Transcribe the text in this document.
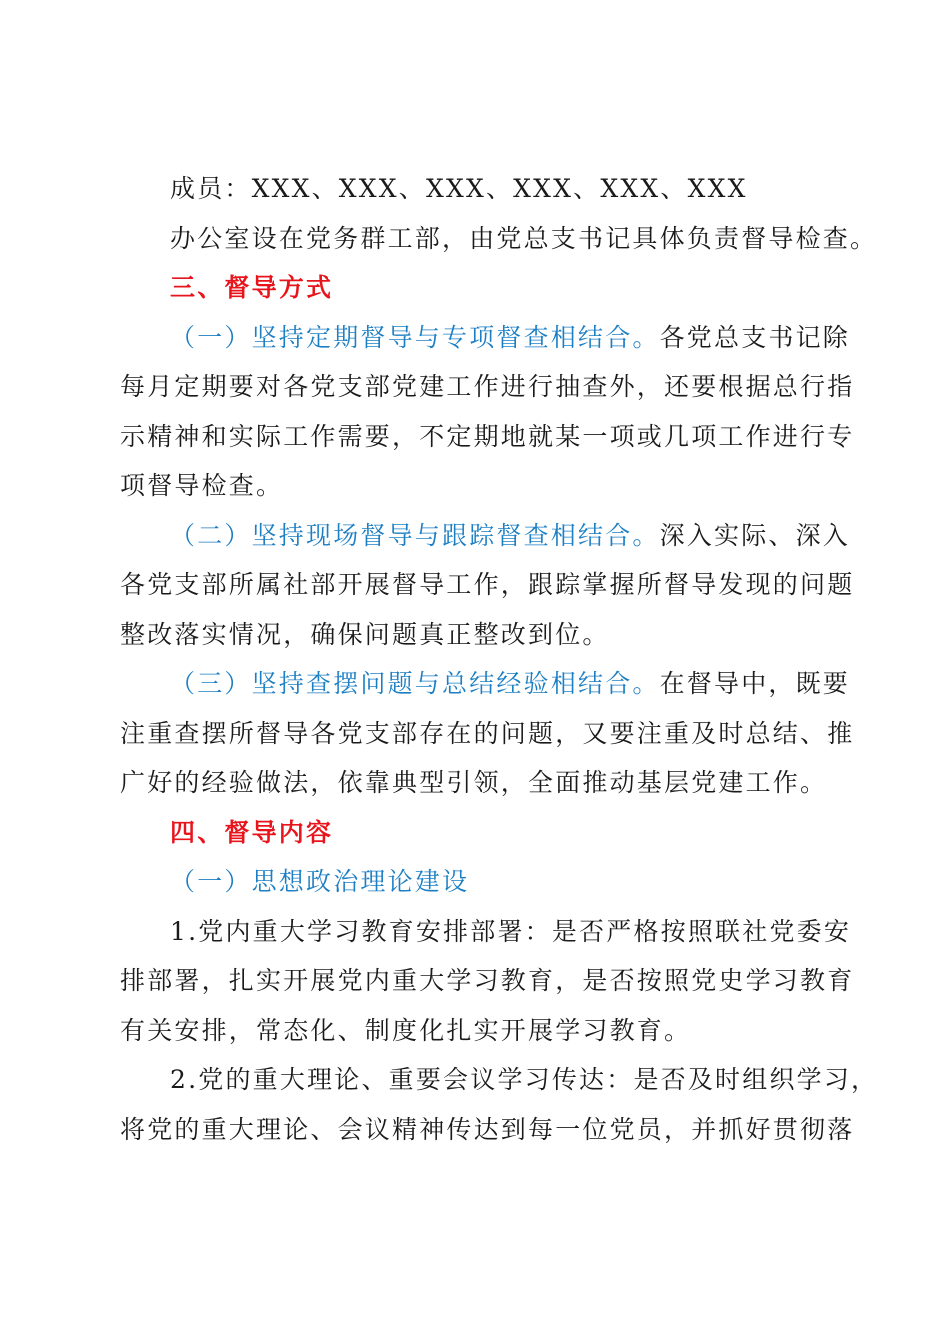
成员：XXX、XXX、XXX、XXX、XXX、XXX
办公室设在党务群工部，由党总支书记具体负责督导检查。
三、督导方式
（一）坚持定期督导与专项督查相结合。各党总支书记除
每月定期要对各党支部党建工作进行抽查外，还要根据总行指
示精神和实际工作需要，不定期地就某一项或几项工作进行专
项督导检查。
（二）坚持现场督导与跟踪督查相结合。深入实际、深入
各党支部所属社部开展督导工作，跟踪掌握所督导发现的问题
整改落实情况，确保问题真正整改到位。
（三）坚持查摆问题与总结经验相结合。在督导中，既要
注重查摆所督导各党支部存在的问题，又要注重及时总结、推
广好的经验做法，依靠典型引领，全面推动基层党建工作。
四、督导内容
（一）思想政治理论建设
1.党内重大学习教育安排部署：是否严格按照联社党委安
排部署，扎实开展党内重大学习教育，是否按照党史学习教育
有关安排，常态化、制度化扎实开展学习教育。
2.党的重大理论、重要会议学习传达：是否及时组织学习，
将党的重大理论、会议精神传达到每一位党员，并抓好贯彻落
